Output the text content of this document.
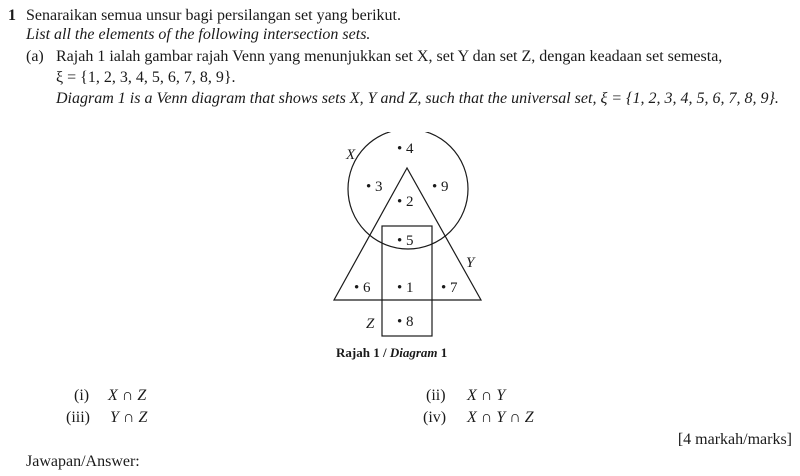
1 Senaraikan semua unsur bagi persilangan set yang berikut.
List all the elements of the following intersection sets.
(a) Rajah 1 ialah gambar rajah Venn yang menunjukkan set X, set Y dan set Z, dengan keadaan set semesta,
ξ = {1, 2, 3, 4, 5, 6, 7, 8, 9}.
Diagram 1 is a Venn diagram that shows sets X, Y and Z, such that the universal set, ξ = {1, 2, 3, 4, 5, 6, 7, 8, 9}.
X
Y
Z
• 4
• 3	• 9
• 2
• 5
• 6 • 1 • 7
• 8
Rajah 1 / Diagram 1
(i) X ∩ Z	(ii) X ∩ Y
(iii) Y ∩ Z	(iv) X ∩ Y ∩ Z
[4 markah/marks]
Jawapan/Answer:
